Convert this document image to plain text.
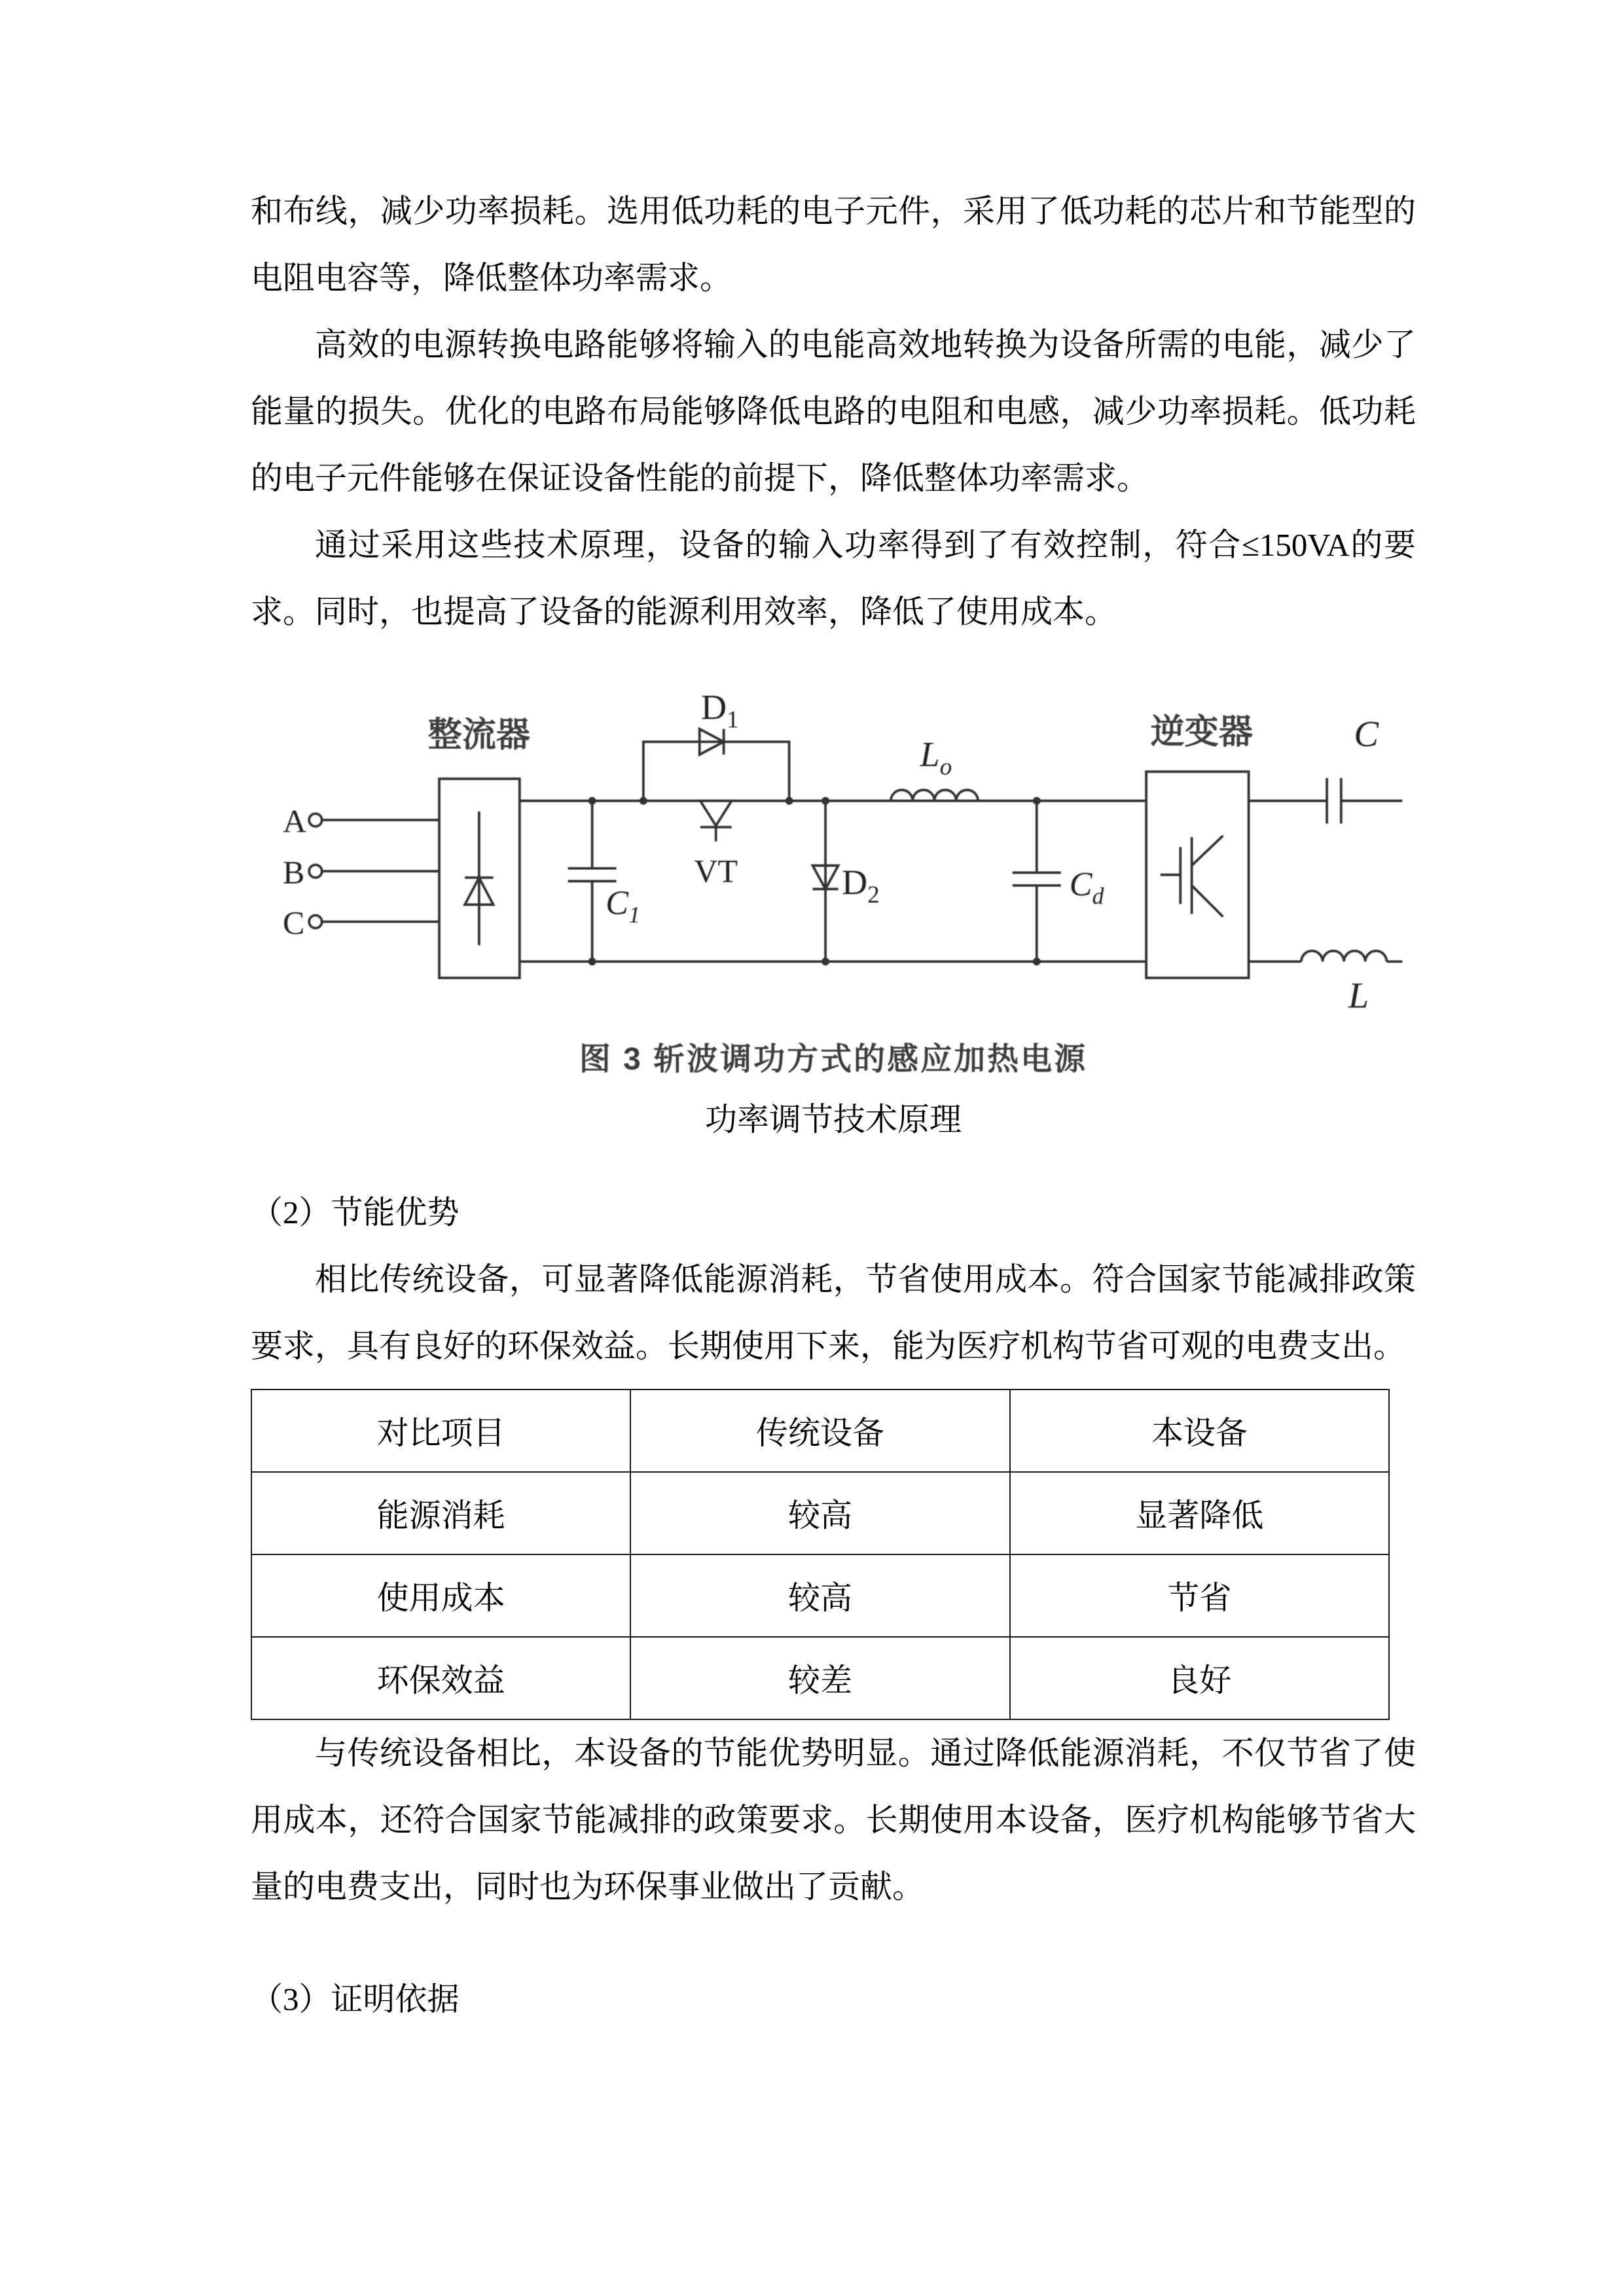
和布线，减少功率损耗。选用低功耗的电子元件，采用了低功耗的芯片和节能型的电阻电容等，降低整体功率需求。

高效的电源转换电路能够将输入的电能高效地转换为设备所需的电能，减少了能量的损失。优化的电路布局能够降低电路的电阻和电感，减少功率损耗。低功耗的电子元件能够在保证设备性能的前提下，降低整体功率需求。

通过采用这些技术原理，设备的输入功率得到了有效控制，符合≤150VA的要求。同时，也提高了设备的能源利用效率，降低了使用成本。

A
B
C
VT
$D_1$
$D_2$
$L_o$
$C_1$
$C_d$
C
L
整流器	逆变器
图 3 斩波调功方式的感应加热电源
功率调节技术原理

（2）节能优势

相比传统设备，可显著降低能源消耗，节省使用成本。符合国家节能减排政策要求，具有良好的环保效益。长期使用下来，能为医疗机构节省可观的电费支出。

对比项目	传统设备	本设备
能源消耗	较高	显著降低
使用成本	较高	节省
环保效益	较差	良好

与传统设备相比，本设备的节能优势明显。通过降低能源消耗，不仅节省了使用成本，还符合国家节能减排的政策要求。长期使用本设备，医疗机构能够节省大量的电费支出，同时也为环保事业做出了贡献。

（3）证明依据
